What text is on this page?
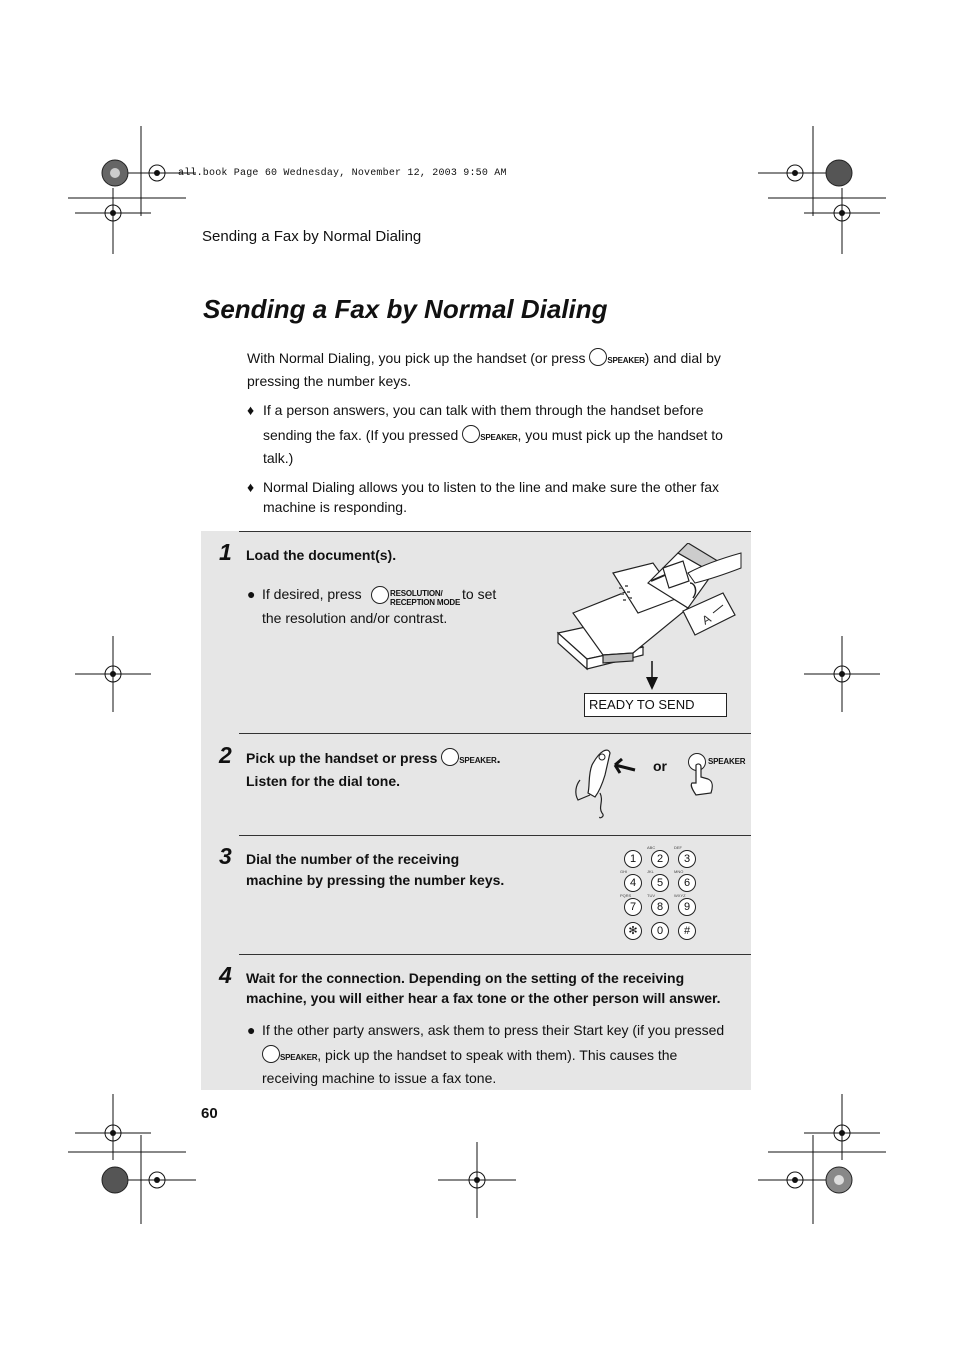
all.book Page 60 Wednesday, November 12, 2003 9:50 AM
Sending a Fax by Normal Dialing
Sending a Fax by Normal Dialing
With Normal Dialing, you pick up the handset (or press	SPEAKER) and dial by
pressing the number keys.
♦ If a person answers, you can talk with them through the handset before
sending the fax. (If you pressed	SPEAKER, you must pick up the handset to
talk.)
♦ Normal Dialing allows you to listen to the line and make sure the other fax
machine is responding.
1 Load the document(s).
● If desired, press	RESOLUTION/
RECEPTION MODE
to set
the resolution and/or contrast.	A
READY TO SEND
2 Pick up the handset or press	SPEAKER.
Listen for the dial tone.
or	SPEAKER
3 Dial the number of the receiving
machine by pressing the number keys.
1	2	3
4	5	6
7	8	9
✻	0	#
ABC	DEF
GHI	JKL	MNO
PQRS	TUV	WXYZ
4 Wait for the connection. Depending on the setting of the receiving
machine, you will either hear a fax tone or the other person will answer.
● If the other party answers, ask them to press their Start key (if you pressed
SPEAKER, pick up the handset to speak with them). This causes the
receiving machine to issue a fax tone.
60
